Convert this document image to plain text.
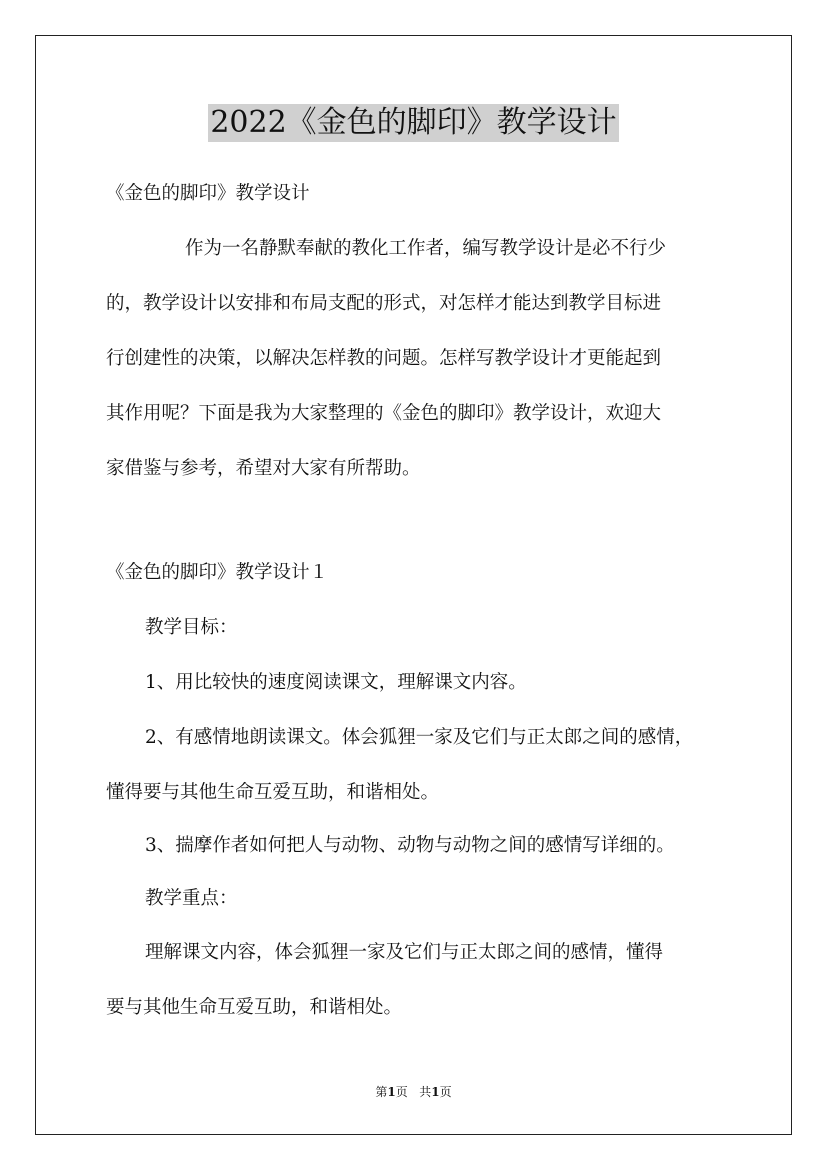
2022《金色的脚印》教学设计
《金色的脚印》教学设计
作为一名静默奉献的教化工作者，编写教学设计是必不行少
的，教学设计以安排和布局支配的形式，对怎样才能达到教学目标进
行创建性的决策，以解决怎样教的问题。怎样写教学设计才更能起到
其作用呢？下面是我为大家整理的《金色的脚印》教学设计，欢迎大
家借鉴与参考，希望对大家有所帮助。
《金色的脚印》教学设计１
教学目标：
1、用比较快的速度阅读课文，理解课文内容。
2、有感情地朗读课文。体会狐狸一家及它们与正太郎之间的感情，
懂得要与其他生命互爱互助，和谐相处。
3、揣摩作者如何把人与动物、动物与动物之间的感情写详细的。
教学重点：
理解课文内容，体会狐狸一家及它们与正太郎之间的感情，懂得
要与其他生命互爱互助，和谐相处。
第1页 共1页
